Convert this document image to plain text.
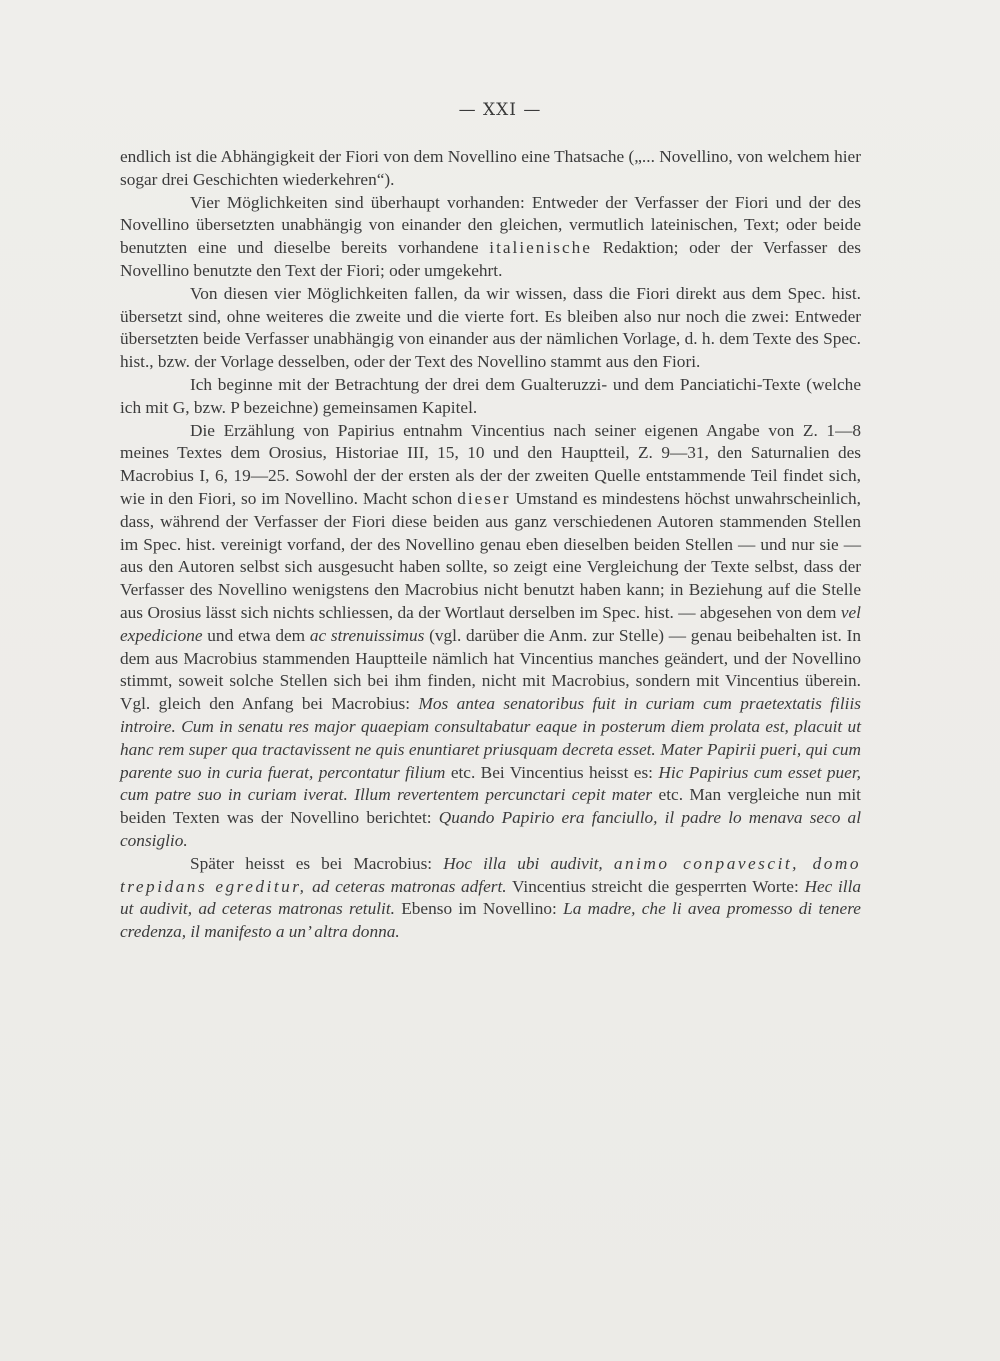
— XXI —

endlich ist die Abhängigkeit der Fiori von dem Novellino eine Thatsache („... Novellino, von welchem hier sogar drei Geschichten wiederkehren“).

Vier Möglichkeiten sind überhaupt vorhanden: Entweder der Verfasser der Fiori und der des Novellino übersetzten unabhängig von einander den gleichen, vermutlich lateinischen, Text; oder beide benutzten eine und dieselbe bereits vorhandene italienische Redaktion; oder der Verfasser des Novellino benutzte den Text der Fiori; oder umgekehrt.

Von diesen vier Möglichkeiten fallen, da wir wissen, dass die Fiori direkt aus dem Spec. hist. übersetzt sind, ohne weiteres die zweite und die vierte fort. Es bleiben also nur noch die zwei: Entweder übersetzten beide Verfasser unabhängig von einander aus der nämlichen Vorlage, d. h. dem Texte des Spec. hist., bzw. der Vorlage desselben, oder der Text des Novellino stammt aus den Fiori.

Ich beginne mit der Betrachtung der drei dem Gualteruzzi- und dem Panciatichi-Texte (welche ich mit G, bzw. P bezeichne) gemeinsamen Kapitel.

Die Erzählung von Papirius entnahm Vincentius nach seiner eigenen Angabe von Z. 1—8 meines Textes dem Orosius, Historiae III, 15, 10 und den Hauptteil, Z. 9—31, den Saturnalien des Macrobius I, 6, 19—25. Sowohl der der ersten als der der zweiten Quelle entstammende Teil findet sich, wie in den Fiori, so im Novellino. Macht schon dieser Umstand es mindestens höchst unwahrscheinlich, dass, während der Verfasser der Fiori diese beiden aus ganz verschiedenen Autoren stammenden Stellen im Spec. hist. vereinigt vorfand, der des Novellino genau eben dieselben beiden Stellen — und nur sie — aus den Autoren selbst sich ausgesucht haben sollte, so zeigt eine Vergleichung der Texte selbst, dass der Verfasser des Novellino wenigstens den Macrobius nicht benutzt haben kann; in Beziehung auf die Stelle aus Orosius lässt sich nichts schliessen, da der Wortlaut derselben im Spec. hist. — abgesehen von dem vel expedicione und etwa dem ac strenuissimus (vgl. darüber die Anm. zur Stelle) — genau beibehalten ist. In dem aus Macrobius stammenden Hauptteile nämlich hat Vincentius manches geändert, und der Novellino stimmt, soweit solche Stellen sich bei ihm finden, nicht mit Macrobius, sondern mit Vincentius überein. Vgl. gleich den Anfang bei Macrobius: Mos antea senatoribus fuit in curiam cum praetextatis filiis introire. Cum in senatu res major quaepiam consultabatur eaque in posterum diem prolata est, placuit ut hanc rem super qua tractavissent ne quis enuntiaret priusquam decreta esset. Mater Papirii pueri, qui cum parente suo in curia fuerat, percontatur filium etc. Bei Vincentius heisst es: Hic Papirius cum esset puer, cum patre suo in curiam iverat. Illum revertentem percunctari cepit mater etc. Man vergleiche nun mit beiden Texten was der Novellino berichtet: Quando Papirio era fanciullo, il padre lo menava seco al consiglio.

Später heisst es bei Macrobius: Hoc illa ubi audivit, animo conpavescit, domo trepidans egreditur, ad ceteras matronas adfert. Vincentius streicht die gesperrten Worte: Hec illa ut audivit, ad ceteras matronas retulit. Ebenso im Novellino: La madre, che li avea promesso di tenere credenza, il manifesto a un’ altra donna.
